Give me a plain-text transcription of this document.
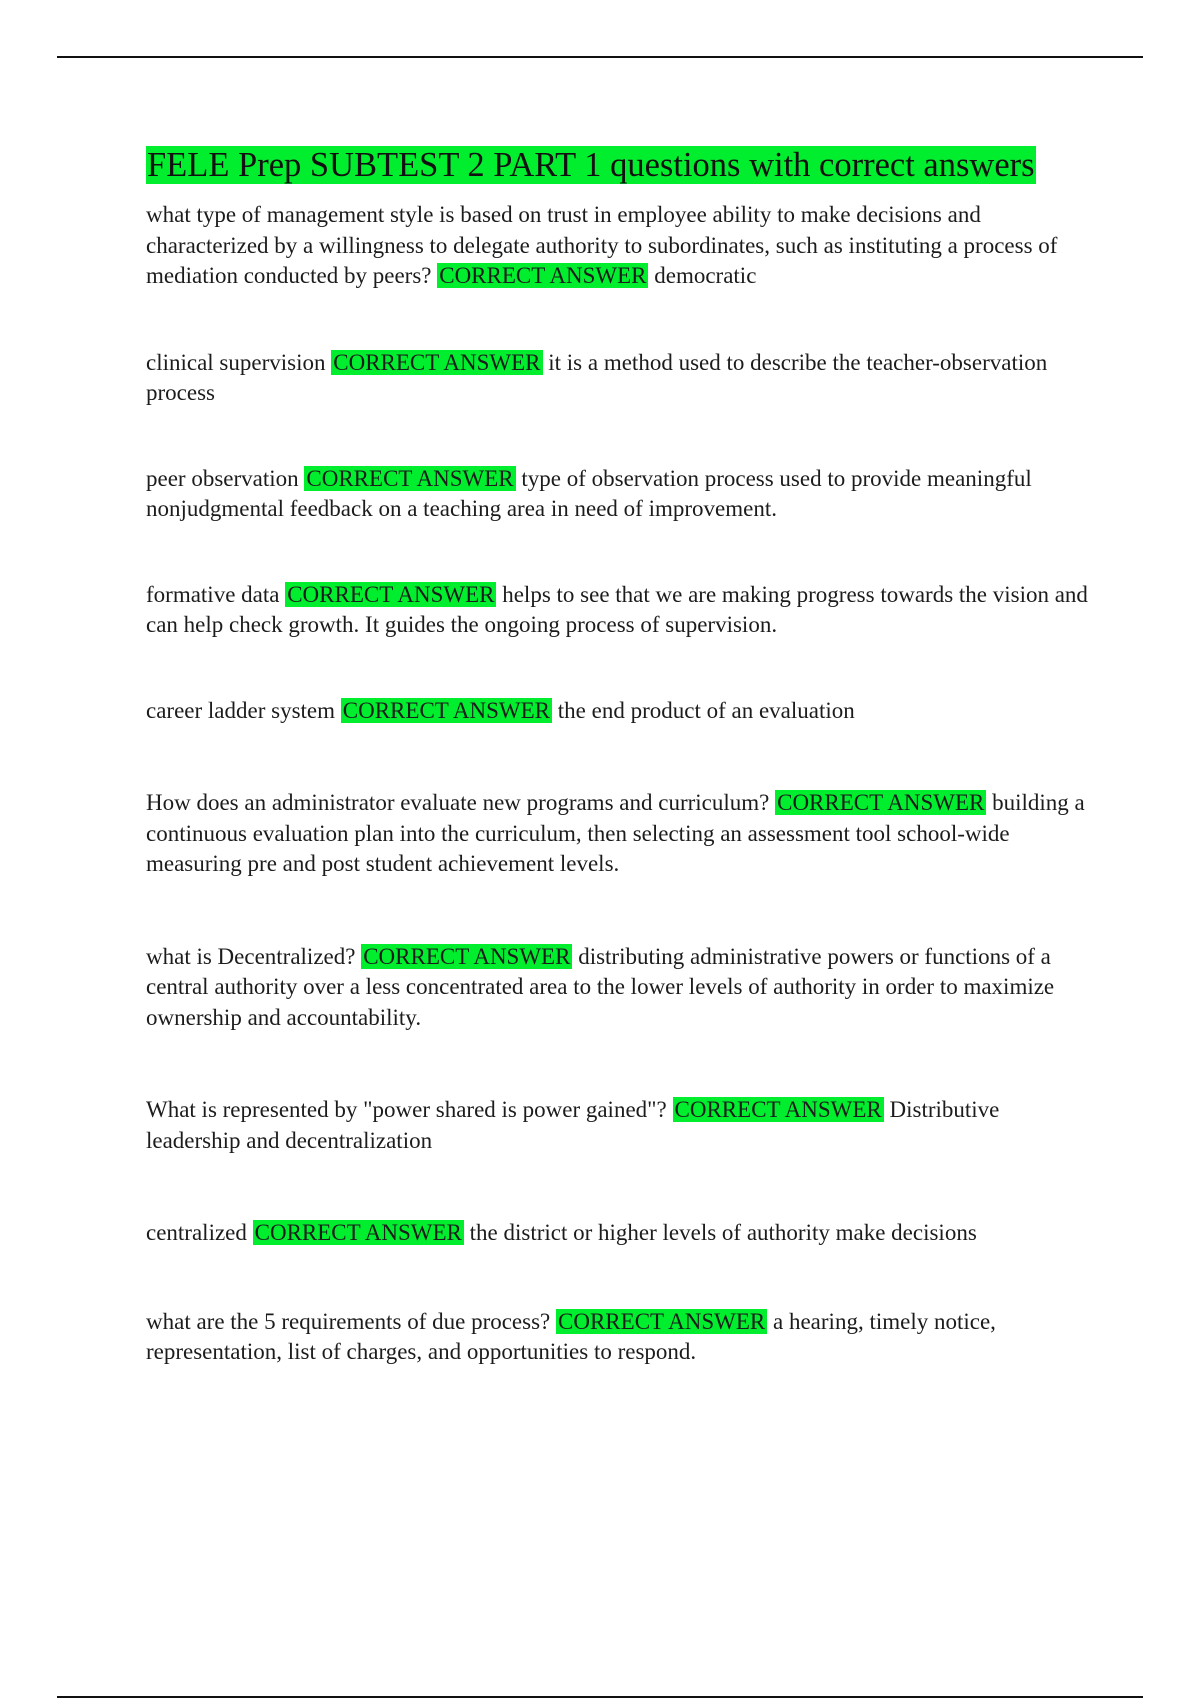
FELE Prep SUBTEST 2 PART 1 questions with correct answers

what type of management style is based on trust in employee ability to make decisions and characterized by a willingness to delegate authority to subordinates, such as instituting a process of mediation conducted by peers? CORRECT ANSWER democratic

clinical supervision CORRECT ANSWER it is a method used to describe the teacher-observation process

peer observation CORRECT ANSWER type of observation process used to provide meaningful nonjudgmental feedback on a teaching area in need of improvement.

formative data CORRECT ANSWER helps to see that we are making progress towards the vision and can help check growth. It guides the ongoing process of supervision.

career ladder system CORRECT ANSWER the end product of an evaluation

How does an administrator evaluate new programs and curriculum? CORRECT ANSWER building a continuous evaluation plan into the curriculum, then selecting an assessment tool school-wide measuring pre and post student achievement levels.

what is Decentralized? CORRECT ANSWER distributing administrative powers or functions of a central authority over a less concentrated area to the lower levels of authority in order to maximize ownership and accountability.

What is represented by "power shared is power gained"? CORRECT ANSWER Distributive leadership and decentralization

centralized CORRECT ANSWER the district or higher levels of authority make decisions

what are the 5 requirements of due process? CORRECT ANSWER a hearing, timely notice, representation, list of charges, and opportunities to respond.
